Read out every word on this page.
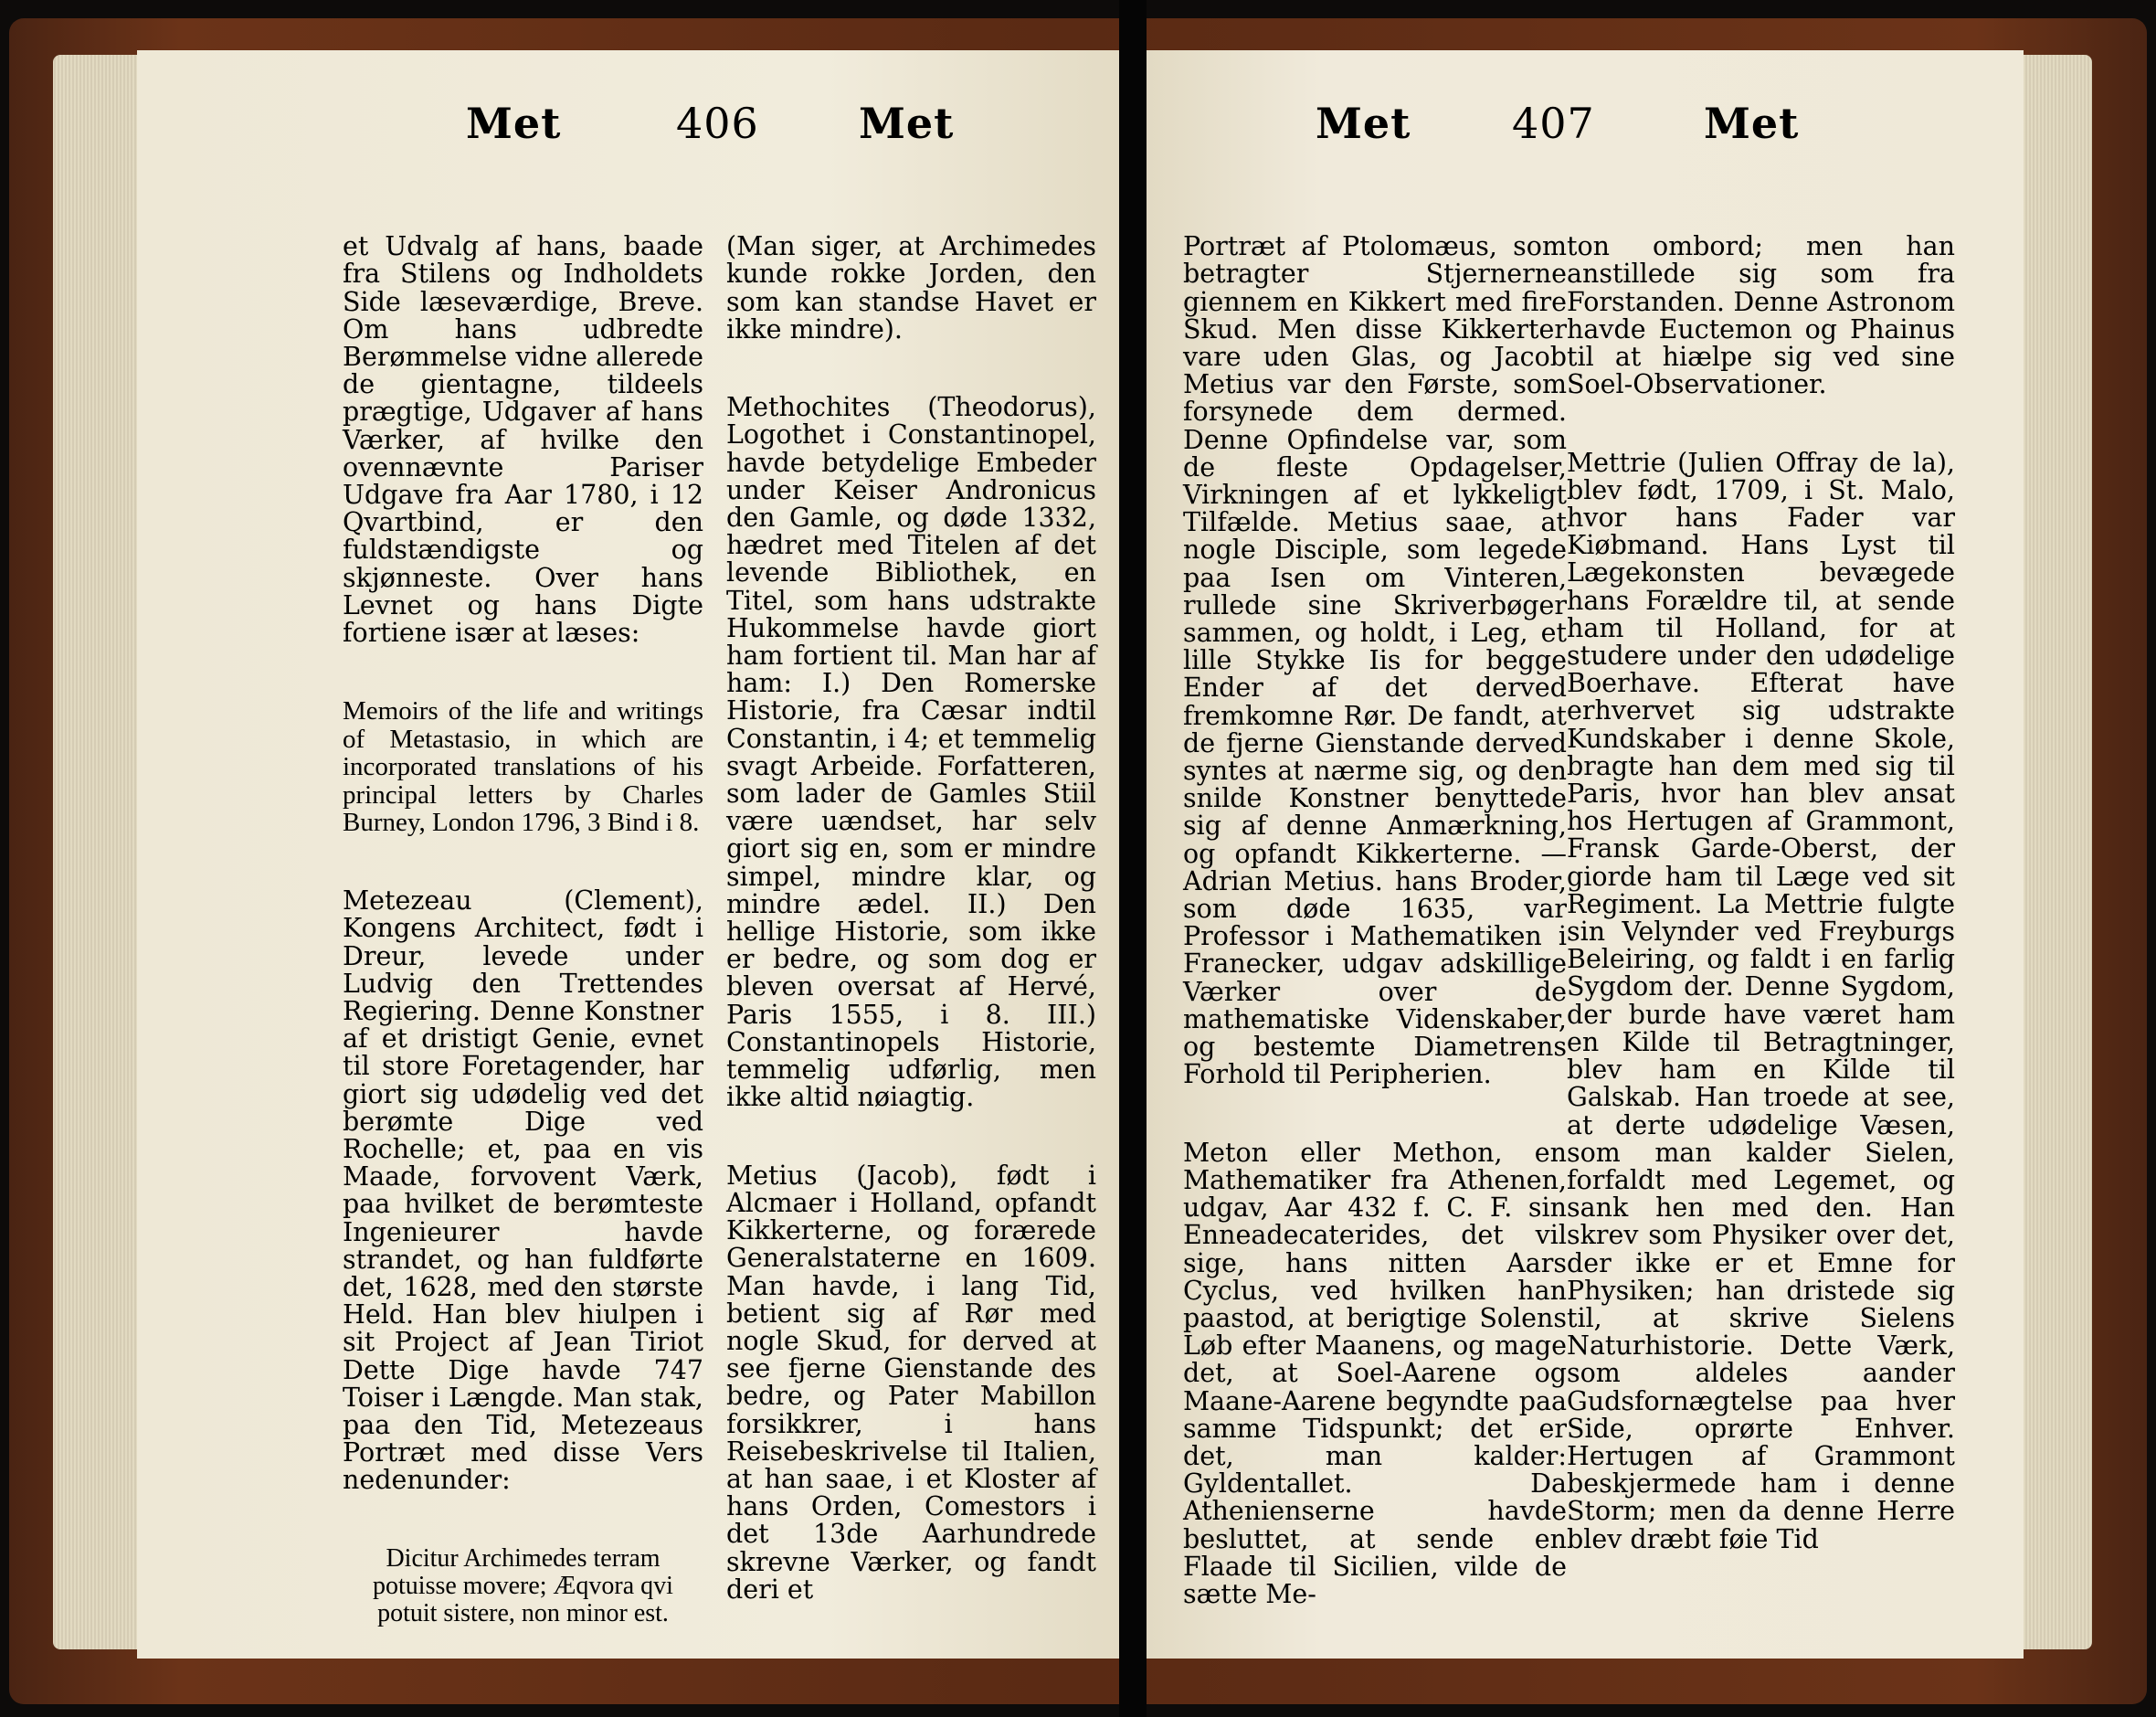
Met	406 Met	Met 407	Met

et Udvalg af hans, baade fra Stilens og Indholdets Side læseværdige, Breve. Om hans udbredte Berømmelse vidne allerede de gientagne, tildeels prægtige, Udgaver af hans Værker, af hvilke den ovennævnte Pariser Udgave fra Aar 1780, i 12 Qvartbind, er den fuldstændigste og skjønneste. Over hans Levnet og hans Digte fortiene især at læses:

Memoirs of the life and writings of Metastasio, in which are incorporated translations of his principal letters by Charles Burney, London 1796, 3 Bind i 8.

Metezeau (Clement), Kongens Architect, født i Dreur, levede under Ludvig den Trettendes Regiering. Denne Konstner af et dristigt Genie, evnet til store Foretagender, har giort sig udødelig ved det berømte Dige ved Rochelle; et, paa en vis Maade, forvovent Værk, paa hvilket de berømteste Ingenieurer havde strandet, og han fuldførte det, 1628, med den største Held. Han blev hiulpen i sit Project af Jean Tiriot Dette Dige havde 747 Toiser i Længde. Man stak, paa den Tid, Metezeaus Portræt med disse Vers nedenunder:

Dicitur Archimedes terram potuisse movere; Æqvora qvi potuit sistere, non minor est.

(Man siger, at Archimedes kunde rokke Jorden, den som kan standse Havet er ikke mindre).

Methochites (Theodorus), Logothet i Constantinopel, havde betydelige Embeder under Keiser Andronicus den Gamle, og døde 1332, hædret med Titelen af det levende Bibliothek, en Titel, som hans udstrakte Hukommelse havde giort ham fortient til. Man har af ham: I.) Den Romerske Historie, fra Cæsar indtil Constantin, i 4; et temmelig svagt Arbeide. Forfatteren, som lader de Gamles Stiil være uændset, har selv giort sig en, som er mindre simpel, mindre klar, og mindre ædel. II.) Den hellige Historie, som ikke er bedre, og som dog er bleven oversat af Hervé, Paris 1555, i 8. III.) Constantinopels Historie, temmelig udførlig, men ikke altid nøiagtig.

Metius (Jacob), født i Alcmaer i Holland, opfandt Kikkerterne, og forærede Generalstaterne en 1609. Man havde, i lang Tid, betient sig af Rør med nogle Skud, for derved at see fjerne Gienstande des bedre, og Pater Mabillon forsikkrer, i hans Reisebeskrivelse til Italien, at han saae, i et Kloster af hans Orden, Comestors i det 13de Aarhundrede skrevne Værker, og fandt deri et

Portræt af Ptolomæus, som betragter Stjernerne giennem en Kikkert med fire Skud. Men disse Kikkerter vare uden Glas, og Jacob Metius var den Første, som forsynede dem dermed. Denne Opfindelse var, som de fleste Opdagelser, Virkningen af et lykkeligt Tilfælde. Metius saae, at nogle Disciple, som legede paa Isen om Vinteren, rullede sine Skriverbøger sammen, og holdt, i Leg, et lille Stykke Iis for begge Ender af det derved fremkomne Rør. De fandt, at de fjerne Gienstande derved syntes at nærme sig, og den snilde Konstner benyttede sig af denne Anmærkning, og opfandt Kikkerterne. — Adrian Metius. hans Broder, som døde 1635, var Professor i Mathematiken i Franecker, udgav adskillige Værker over de mathematiske Videnskaber, og bestemte Diametrens Forhold til Peripherien.

Meton eller Methon, en Mathematiker fra Athenen, udgav, Aar 432 f. C. F. sin Enneadecaterides, det vil sige, hans nitten Aars Cyclus, ved hvilken han paastod, at berigtige Solens Løb efter Maanens, og mage det, at Soel-Aarene og Maane-Aarene begyndte paa samme Tidspunkt; det er det, man kalder: Gyldentallet. Da Athenienserne havde besluttet, at sende en Flaade til Sicilien, vilde de sætte Me-

ton ombord; men han anstillede sig som fra Forstanden. Denne Astronom havde Euctemon og Phainus til at hiælpe sig ved sine Soel-Observationer.

Mettrie (Julien Offray de la), blev født, 1709, i St. Malo, hvor hans Fader var Kiøbmand. Hans Lyst til Lægekonsten bevægede hans Forældre til, at sende ham til Holland, for at studere under den udødelige Boerhave. Efterat have erhvervet sig udstrakte Kundskaber i denne Skole, bragte han dem med sig til Paris, hvor han blev ansat hos Hertugen af Grammont, Fransk Garde-Oberst, der giorde ham til Læge ved sit Regiment. La Mettrie fulgte sin Velynder ved Freyburgs Beleiring, og faldt i en farlig Sygdom der. Denne Sygdom, der burde have været ham en Kilde til Betragtninger, blev ham en Kilde til Galskab. Han troede at see, at derte udødelige Væsen, som man kalder Sielen, forfaldt med Legemet, og sank hen med den. Han skrev som Physiker over det, der ikke er et Emne for Physiken; han dristede sig til, at skrive Sielens Naturhistorie. Dette Værk, som aldeles aander Gudsfornægtelse paa hver Side, oprørte Enhver. Hertugen af Grammont beskjermede ham i denne Storm; men da denne Herre blev dræbt føie Tid
